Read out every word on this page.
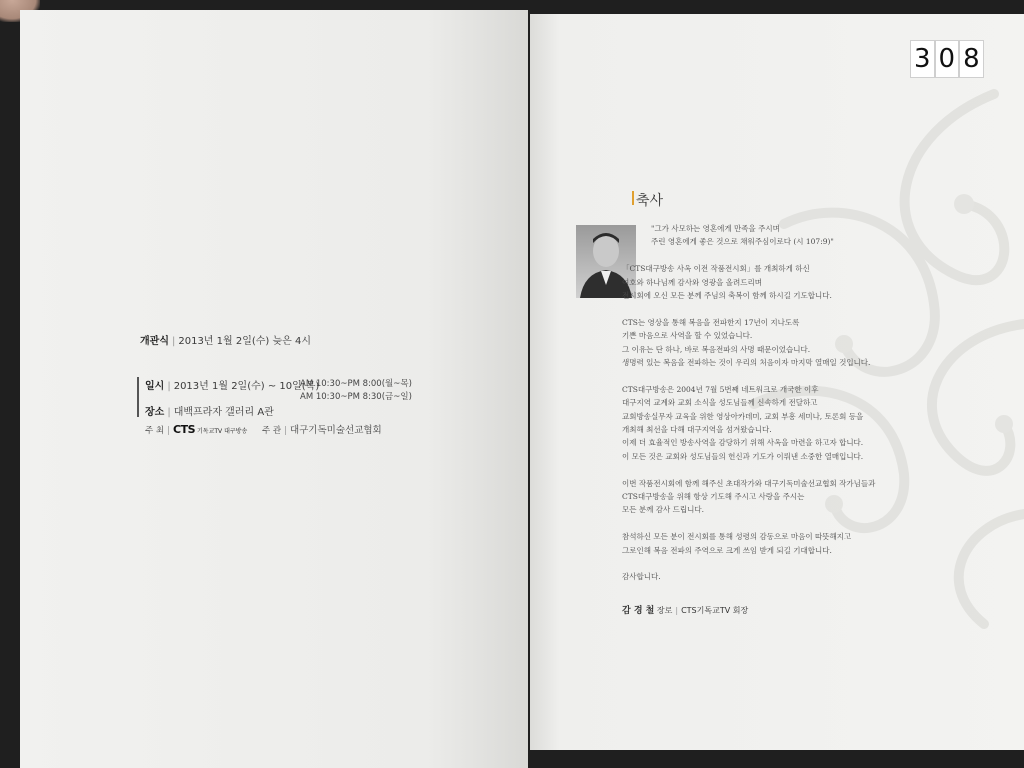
3 0 8
개관식 | 2013년 1월 2일(수) 늦은 4시
일시 | 2013년 1월 2일(수) ~ 10일(목)
AM 10:30~PM 8:00(월~목)
AM 10:30~PM 8:30(금~일)
장소 | 대백프라자 갤러리 A관
주 최 | CTS 기독교TV 대구방송 주 관 | 대구기독미술선교협회
축사
"그가 사모하는 영혼에게 만족을 주시며
주린 영혼에게 좋은 것으로 채워주심이로다 (시 107:9)"
「CTS대구방송 사옥 이전 작품전시회」를 개최하게 하신
여호와 하나님께 감사와 영광을 올려드리며
전시회에 오신 모든 분께 주님의 축복이 함께 하시길 기도합니다.
CTS는 영상을 통해 복음을 전파한지 17년이 지나도록
기쁜 마음으로 사역을 할 수 있었습니다.
그 이유는 단 하나, 바로 복음전파의 사명 때문이었습니다.
생명력 있는 복음을 전파하는 것이 우리의 처음이자 마지막 열매일 것입니다.
CTS대구방송은 2004년 7월 5번째 네트워크로 개국한 이후
대구지역 교계와 교회 소식을 성도님들께 신속하게 전달하고
교회방송실무자 교육을 위한 영상아카데미, 교회 부흥 세미나, 토론회 등을
개최해 최선을 다해 대구지역을 섬겨왔습니다.
이제 더 효율적인 방송사역을 감당하기 위해 사옥을 마련을 하고자 합니다.
이 모든 것은 교회와 성도님들의 헌신과 기도가 이뤄낸 소중한 열매입니다.
이번 작품전시회에 함께 해주신 초대작가와 대구기독미술선교협회 작가님들과
CTS대구방송을 위해 항상 기도해 주시고 사랑을 주시는
모든 분께 감사 드립니다.
참석하신 모든 분이 전시회를 통해 성령의 감동으로 마음이 따뜻해지고
그로인해 복음 전파의 주역으로 크게 쓰임 받게 되길 기대합니다.
감사합니다.
감 경 철 장로 | CTS기독교TV 회장
